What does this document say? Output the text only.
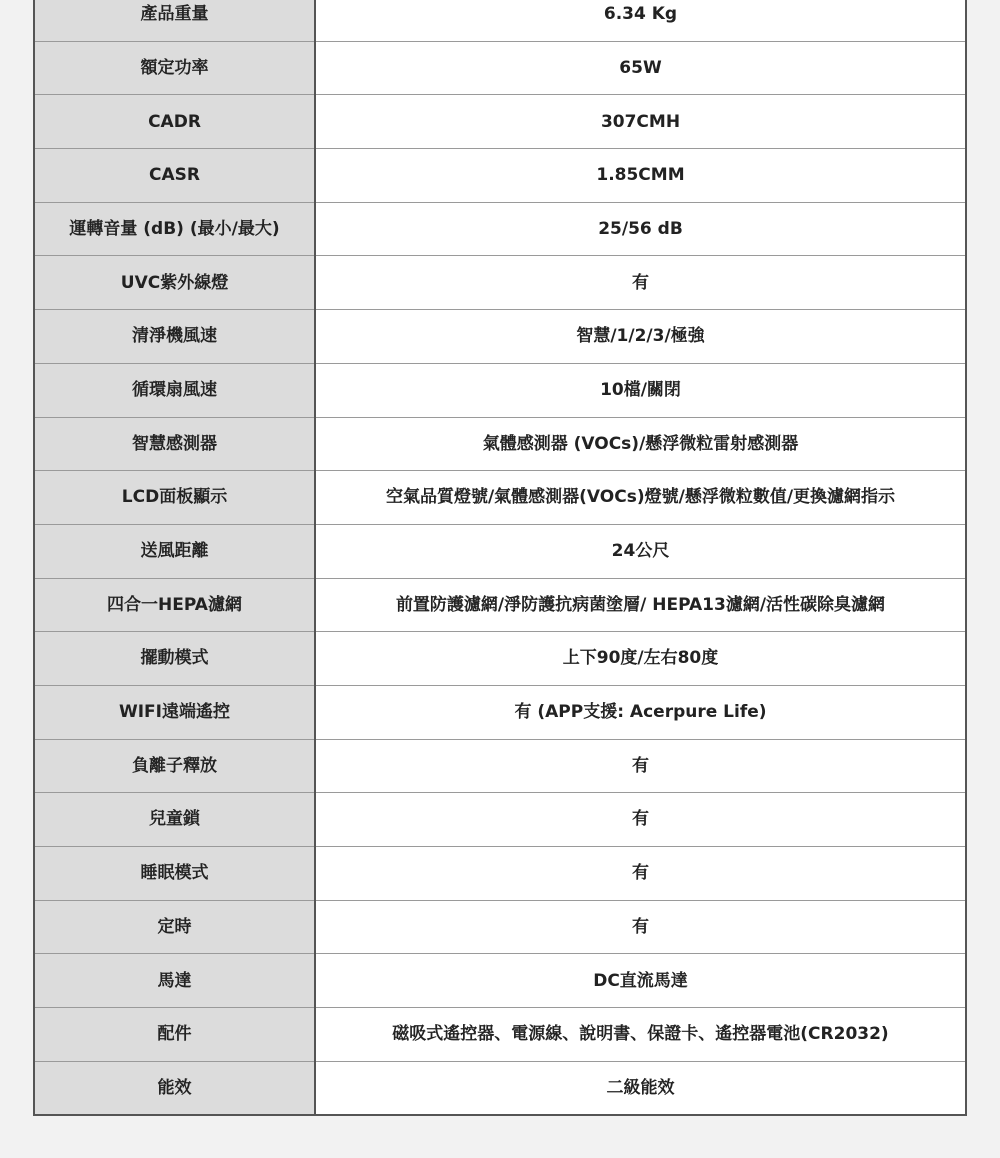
產品重量	6.34 Kg
額定功率	65W
CADR	307CMH
CASR	1.85CMM
運轉音量 (dB) (最小/最大)	25/56 dB
UVC紫外線燈	有
清淨機風速	智慧/1/2/3/極強
循環扇風速	10檔/關閉
智慧感測器	氣體感測器 (VOCs)/懸浮微粒雷射感測器
LCD面板顯示	空氣品質燈號/氣體感測器(VOCs)燈號/懸浮微粒數值/更換濾網指示
送風距離	24公尺
四合一HEPA濾網	前置防護濾網/淨防護抗病菌塗層/ HEPA13濾網/活性碳除臭濾網
擺動模式	上下90度/左右80度
WIFI遠端遙控	有 (APP支援: Acerpure Life)
負離子釋放	有
兒童鎖	有
睡眠模式	有
定時	有
馬達	DC直流馬達
配件	磁吸式遙控器、電源線、說明書、保證卡、遙控器電池(CR2032)
能效	二級能效
